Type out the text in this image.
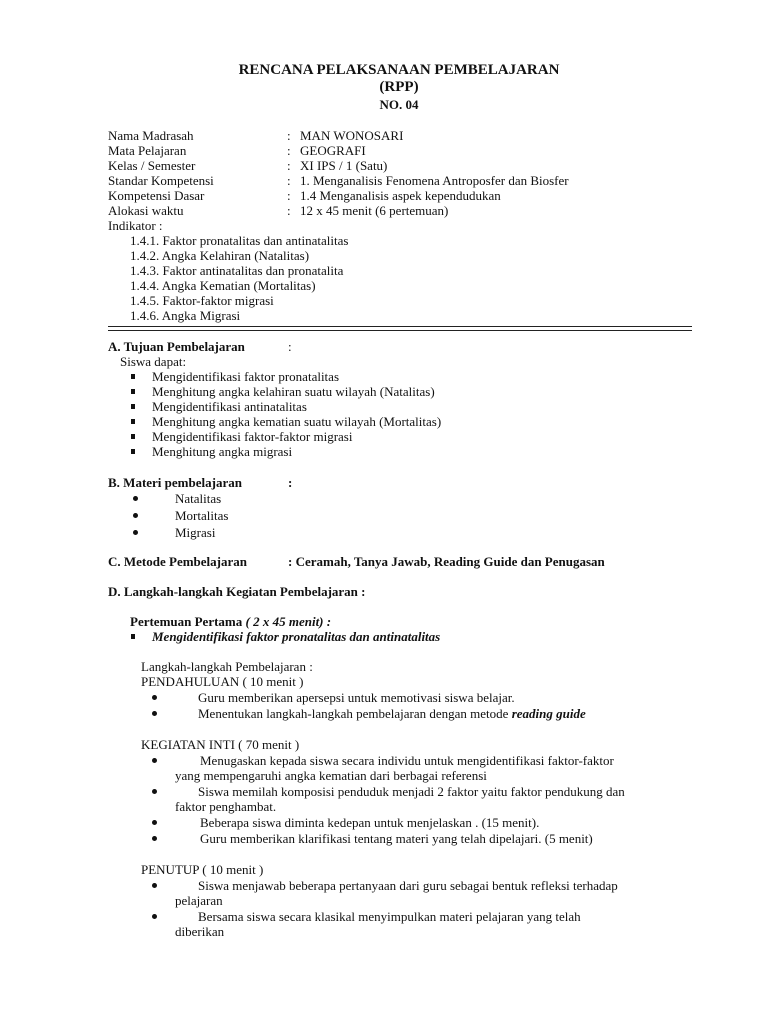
RENCANA PELAKSANAAN PEMBELAJARAN
(RPP)
NO. 04
Nama Madrasah	: MAN WONOSARI
Mata Pelajaran	: GEOGRAFI
Kelas / Semester	: XI IPS / 1 (Satu)
Standar Kompetensi	: 1. Menganalisis Fenomena Antroposfer dan Biosfer
Kompetensi Dasar	: 1.4 Menganalisis aspek kependudukan
Alokasi waktu	: 12 x 45 menit (6 pertemuan)
Indikator :
1.4.1. Faktor pronatalitas dan antinatalitas
1.4.2. Angka Kelahiran (Natalitas)
1.4.3. Faktor antinatalitas dan pronatalita
1.4.4. Angka Kematian (Mortalitas)
1.4.5. Faktor-faktor migrasi
1.4.6. Angka Migrasi
A. Tujuan Pembelajaran	:
Siswa dapat:
Mengidentifikasi faktor pronatalitas
Menghitung angka kelahiran suatu wilayah (Natalitas)
Mengidentifikasi antinatalitas
Menghitung angka kematian suatu wilayah (Mortalitas)
Mengidentifikasi faktor-faktor migrasi
Menghitung angka migrasi
B. Materi pembelajaran	:
Natalitas
Mortalitas
Migrasi
C. Metode Pembelajaran	: Ceramah, Tanya Jawab, Reading Guide dan Penugasan
D. Langkah-langkah Kegiatan Pembelajaran :
Pertemuan Pertama ( 2 x 45 menit) :
Mengidentifikasi faktor pronatalitas dan antinatalitas
Langkah-langkah Pembelajaran :
PENDAHULUAN ( 10 menit )
Guru memberikan apersepsi untuk memotivasi siswa belajar.
Menentukan langkah-langkah pembelajaran dengan metode reading guide
KEGIATAN INTI ( 70 menit )
Menugaskan kepada siswa secara individu untuk mengidentifikasi faktor-faktor
yang mempengaruhi angka kematian dari berbagai referensi
Siswa memilah komposisi penduduk menjadi 2 faktor yaitu faktor pendukung dan
faktor penghambat.
Beberapa siswa diminta kedepan untuk menjelaskan . (15 menit).
Guru memberikan klarifikasi tentang materi yang telah dipelajari. (5 menit)
PENUTUP ( 10 menit )
Siswa menjawab beberapa pertanyaan dari guru sebagai bentuk refleksi terhadap
pelajaran
Bersama siswa secara klasikal menyimpulkan materi pelajaran yang telah
diberikan
